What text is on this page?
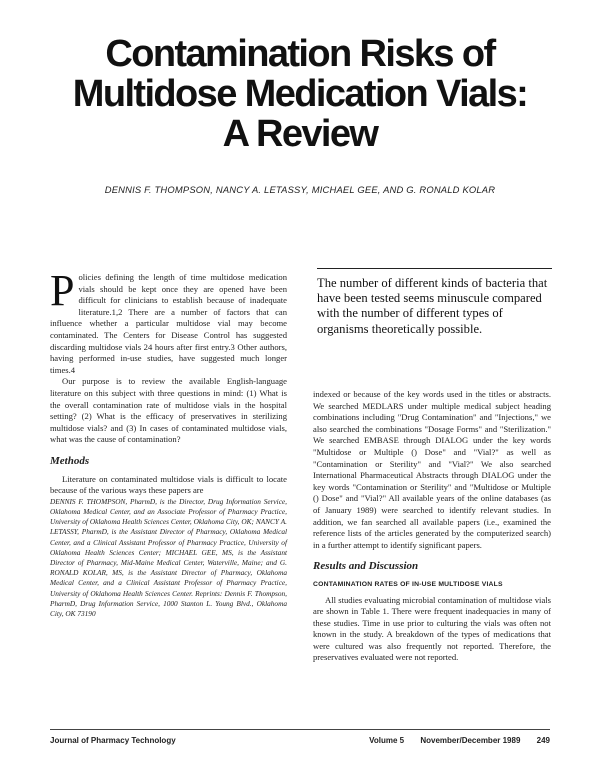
Contamination Risks of
Multidose Medication Vials:
A Review
DENNIS F. THOMPSON, NANCY A. LETASSY, MICHAEL GEE, AND G. RONALD KOLAR

Policies defining the length of time multidose medication vials should be kept once they are opened have been difficult for clinicians to establish because of inadequate literature.1,2 There are a number of factors that can influence whether a particular multidose vial may become contaminated. The Centers for Disease Control has suggested discarding multidose vials 24 hours after first entry.3 Other authors, having performed in-use studies, have suggested much longer times.4

Our purpose is to review the available English-language literature on this subject with three questions in mind: (1) What is the overall contamination rate of multidose vials in the hospital setting? (2) What is the efficacy of preservatives in sterilizing multidose vials? and (3) In cases of contaminated multidose vials, what was the cause of contamination?

Methods

Literature on contaminated multidose vials is difficult to locate because of the various ways these papers are

DENNIS F. THOMPSON, PharmD, is the Director, Drug Information Service, Oklahoma Medical Center, and an Associate Professor of Pharmacy Practice, University of Oklahoma Health Sciences Center, Oklahoma City, OK; NANCY A. LETASSY, PharmD, is the Assistant Director of Pharmacy, Oklahoma Medical Center, and a Clinical Assistant Professor of Pharmacy Practice, University of Oklahoma Health Sciences Center; MICHAEL GEE, MS, is the Assistant Director of Pharmacy, Mid-Maine Medical Center, Waterville, Maine; and G. RONALD KOLAR, MS, is the Assistant Director of Pharmacy, Oklahoma Medical Center, and a Clinical Assistant Professor of Pharmacy Practice, University of Oklahoma Health Sciences Center. Reprints: Dennis F. Thompson, PharmD, Drug Information Service, 1000 Stanton L. Young Blvd., Oklahoma City, OK 73190

The number of different kinds of bacteria that have been tested seems minuscule compared with the number of different types of organisms theoretically possible.

indexed or because of the key words used in the titles or abstracts. We searched MEDLARS under multiple medical subject heading combinations including "Drug Contamination" and "Injections," we also searched the combinations "Dosage Forms" and "Sterilization." We searched EMBASE through DIALOG under the key words "Multidose or Multiple () Dose" and "Vial?" as well as "Contamination or Sterility" and "Vial?" We also searched International Pharmaceutical Abstracts through DIALOG under the key words "Contamination or Sterility" and "Multidose or Multiple () Dose" and "Vial?" All available years of the online databases (as of January 1989) were searched to identify relevant studies. In addition, we fan searched all available papers (i.e., examined the reference lists of the articles generated by the computerized search) in a further attempt to identify significant papers.

Results and Discussion
CONTAMINATION RATES OF IN-USE MULTIDOSE VIALS

All studies evaluating microbial contamination of multidose vials are shown in Table 1. There were frequent inadequacies in many of these studies. Time in use prior to culturing the vials was often not known in the study. A breakdown of the types of medications that were cultured was also frequently not reported. Therefore, the preservatives evaluated were not reported.

Journal of Pharmacy Technology	Volume 5 November/December 1989 249
